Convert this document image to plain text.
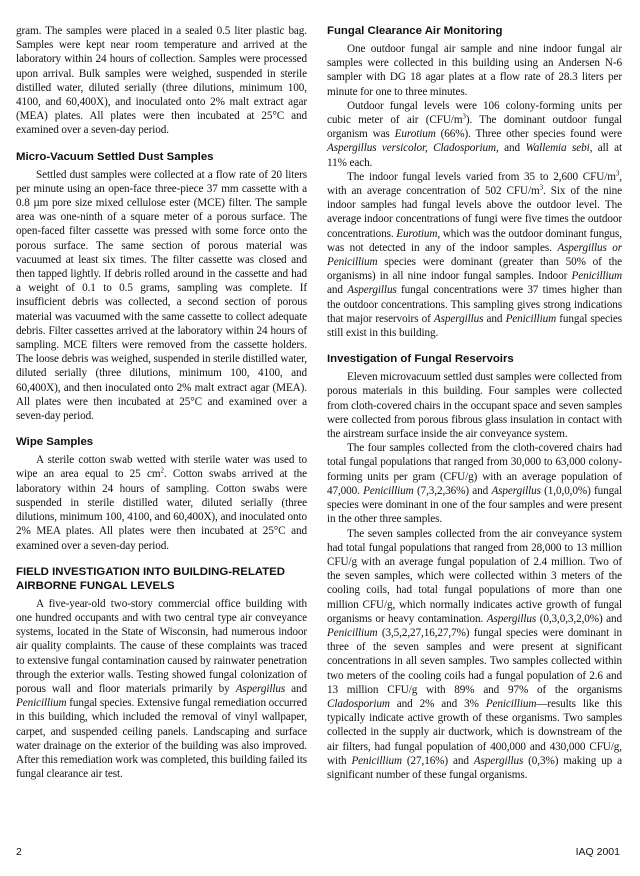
gram. The samples were placed in a sealed 0.5 liter plastic bag. Samples were kept near room temperature and arrived at the laboratory within 24 hours of collection. Samples were processed upon arrival. Bulk samples were weighed, suspended in sterile distilled water, diluted serially (three dilutions, minimum 100, 4100, and 60,400X), and inoculated onto 2% malt extract agar (MEA) plates. All plates were then incubated at 25°C and examined over a seven-day period.

Micro-Vacuum Settled Dust Samples

Settled dust samples were collected at a flow rate of 20 liters per minute using an open-face three-piece 37 mm cassette with a 0.8 µm pore size mixed cellulose ester (MCE) filter. The sample area was one-ninth of a square meter of a porous surface. The open-faced filter cassette was pressed with some force onto the porous surface. The same section of porous material was vacuumed at least six times. The filter cassette was closed and then tapped lightly. If debris rolled around in the cassette and had a weight of 0.1 to 0.5 grams, sampling was complete. If insufficient debris was collected, a second section of porous material was vacuumed with the same cassette to collect adequate debris. Filter cassettes arrived at the laboratory within 24 hours of sampling. MCE filters were removed from the cassette holders. The loose debris was weighed, suspended in sterile distilled water, diluted serially (three dilutions, minimum 100, 4100, and 60,400X), and then inoculated onto 2% malt extract agar (MEA). All plates were then incubated at 25°C and examined over a seven-day period.

Wipe Samples

A sterile cotton swab wetted with sterile water was used to wipe an area equal to 25 $cm^2$. Cotton swabs arrived at the laboratory within 24 hours of sampling. Cotton swabs were suspended in sterile distilled water, diluted serially (three dilutions, minimum 100, 4100, and 60,400X), and inoculated onto 2% MEA plates. All plates were then incubated at 25°C and examined over a seven-day period.

FIELD INVESTIGATION INTO BUILDING-RELATED AIRBORNE FUNGAL LEVELS

A five-year-old two-story commercial office building with one hundred occupants and with two central type air conveyance systems, located in the State of Wisconsin, had numerous indoor air quality complaints. The cause of these complaints was traced to extensive fungal contamination caused by rainwater penetration through the exterior walls. Testing showed fungal colonization of porous wall and floor materials primarily by Aspergillus and Penicillium fungal species. Extensive fungal remediation occurred in this building, which included the removal of vinyl wallpaper, carpet, and suspended ceiling panels. Landscaping and surface water drainage on the exterior of the building was also improved. After this remediation work was completed, this building failed its fungal clearance air test.

Fungal Clearance Air Monitoring

One outdoor fungal air sample and nine indoor fungal air samples were collected in this building using an Andersen N-6 sampler with DG 18 agar plates at a flow rate of 28.3 liters per minute for one to three minutes.

Outdoor fungal levels were 106 colony-forming units per cubic meter of air $(CFU/m^3)$. The dominant outdoor fungal organism was Eurotium (66%). Three other species found were Aspergillus versicolor, Cladosporium, and Wallemia sebi, all at 11% each.

The indoor fungal levels varied from 35 to 2,600 CFU/$m^3$, with an average concentration of 502 CFU/$m^3$. Six of the nine indoor samples had fungal levels above the outdoor level. The average indoor concentrations of fungi were five times the outdoor concentrations. Eurotium, which was the outdoor dominant fungus, was not detected in any of the indoor samples. Aspergillus or Penicillium species were dominant (greater than 50% of the organisms) in all nine indoor fungal samples. Indoor Penicillium and Aspergillus fungal concentrations were 37 times higher than the outdoor concentrations. This sampling gives strong indications that major reservoirs of Aspergillus and Penicillium fungal species still exist in this building.

Investigation of Fungal Reservoirs

Eleven microvacuum settled dust samples were collected from porous materials in this building. Four samples were collected from cloth-covered chairs in the occupant space and seven samples were collected from porous fibrous glass insulation in contact with the airstream surface inside the air conveyance system.

The four samples collected from the cloth-covered chairs had total fungal populations that ranged from 30,000 to 63,000 colony-forming units per gram (CFU/g) with an average population of 47,000. Penicillium (7,3,2,36%) and Aspergillus (1,0,0,0%) fungal species were dominant in one of the four samples and were present in the other three samples.

The seven samples collected from the air conveyance system had total fungal populations that ranged from 28,000 to 13 million CFU/g with an average fungal population of 2.4 million. Two of the seven samples, which were collected within 3 meters of the cooling coils, had total fungal populations of more than one million CFU/g, which normally indicates active growth of fungal organisms or heavy contamination. Aspergillus (0,3,0,3,2,0%) and Penicillium (3,5,2,27,16,27,7%) fungal species were dominant in three of the seven samples and were present at significant concentrations in all seven samples. Two samples collected within two meters of the cooling coils had a fungal population of 2.6 and 13 million CFU/g with 89% and 97% of the organisms Cladosporium and 2% and 3% Penicillium—results like this typically indicate active growth of these organisms. Two samples collected in the supply air ductwork, which is downstream of the air filters, had fungal population of 400,000 and 430,000 CFU/g, with Penicillium (27,16%) and Aspergillus (0,3%) making up a significant number of these fungal organisms.

2	IAQ 2001
